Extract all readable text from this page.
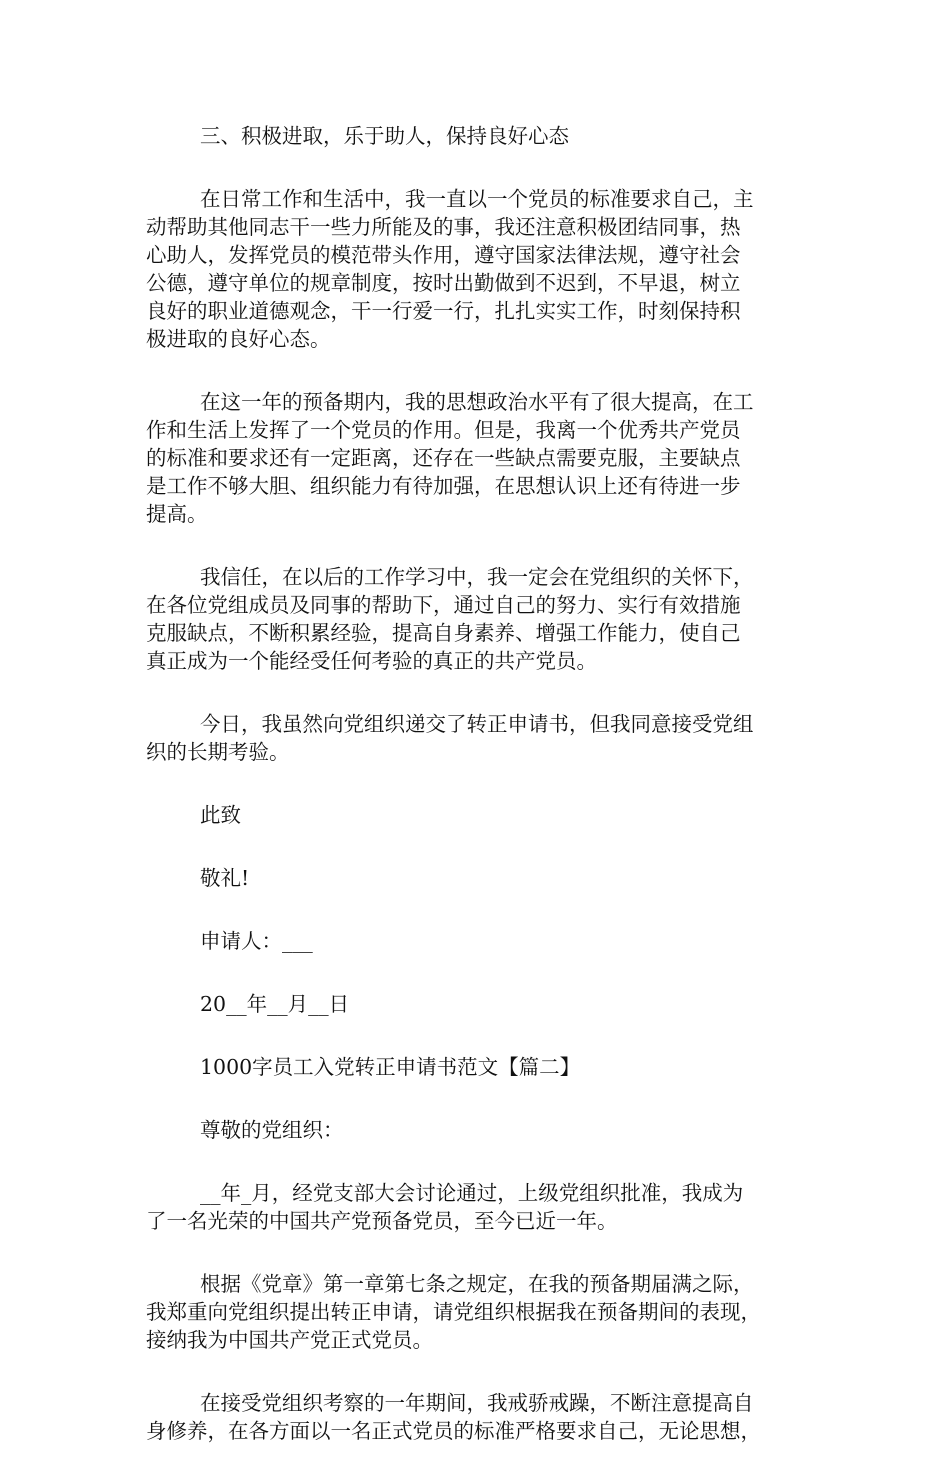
三、积极进取，乐于助人，保持良好心态

在日常工作和生活中，我一直以一个党员的标准要求自己，主
动帮助其他同志干一些力所能及的事，我还注意积极团结同事，热
心助人，发挥党员的模范带头作用，遵守国家法律法规，遵守社会
公德，遵守单位的规章制度，按时出勤做到不迟到，不早退，树立
良好的职业道德观念，干一行爱一行，扎扎实实工作，时刻保持积
极进取的良好心态。

在这一年的预备期内，我的思想政治水平有了很大提高，在工
作和生活上发挥了一个党员的作用。但是，我离一个优秀共产党员
的标准和要求还有一定距离，还存在一些缺点需要克服，主要缺点
是工作不够大胆、组织能力有待加强，在思想认识上还有待进一步
提高。

我信任，在以后的工作学习中，我一定会在党组织的关怀下，
在各位党组成员及同事的帮助下，通过自己的努力、实行有效措施
克服缺点，不断积累经验，提高自身素养、增强工作能力，使自己
真正成为一个能经受任何考验的真正的共产党员。

今日，我虽然向党组织递交了转正申请书，但我同意接受党组
织的长期考验。

此致

敬礼!

申请人：___

20__年__月__日

1000字员工入党转正申请书范文【篇二】

尊敬的党组织：

__年_月，经党支部大会讨论通过，上级党组织批准，我成为
了一名光荣的中国共产党预备党员，至今已近一年。

根据《党章》第一章第七条之规定，在我的预备期届满之际，
我郑重向党组织提出转正申请，请党组织根据我在预备期间的表现，
接纳我为中国共产党正式党员。

在接受党组织考察的一年期间，我戒骄戒躁，不断注意提高自
身修养，在各方面以一名正式党员的标准严格要求自己，无论思想，
